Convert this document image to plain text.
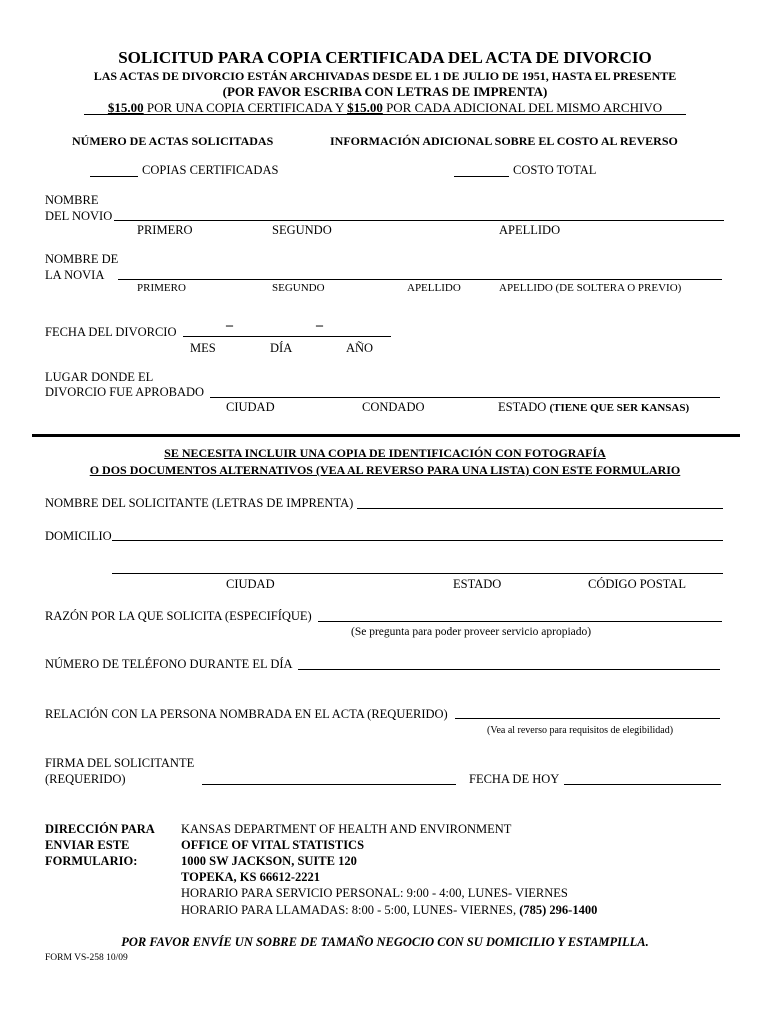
SOLICITUD PARA COPIA CERTIFICADA DEL ACTA DE DIVORCIO
LAS ACTAS DE DIVORCIO ESTÁN ARCHIVADAS DESDE EL 1 DE JULIO DE 1951, HASTA EL PRESENTE
(POR FAVOR ESCRIBA CON LETRAS DE IMPRENTA)
$15.00 POR UNA COPIA CERTIFICADA Y $15.00 POR CADA ADICIONAL DEL MISMO ARCHIVO
NÚMERO DE ACTAS SOLICITADAS	INFORMACIÓN ADICIONAL SOBRE EL COSTO AL REVERSO
COPIAS CERTIFICADAS	COSTO TOTAL
NOMBRE
DEL NOVIO
PRIMERO	SEGUNDO	APELLIDO
NOMBRE DE
LA NOVIA
PRIMERO	SEGUNDO	APELLIDO	APELLIDO (DE SOLTERA O PREVIO)
FECHA DEL DIVORCIO	–	–
MES	DÍA	AÑO
LUGAR DONDE EL
DIVORCIO FUE APROBADO
CIUDAD	CONDADO	ESTADO (TIENE QUE SER KANSAS)
SE NECESITA INCLUIR UNA COPIA DE IDENTIFICACIÓN CON FOTOGRAFÍA
O DOS DOCUMENTOS ALTERNATIVOS (VEA AL REVERSO PARA UNA LISTA) CON ESTE FORMULARIO
NOMBRE DEL SOLICITANTE (LETRAS DE IMPRENTA)
DOMICILIO
CIUDAD	ESTADO	CÓDIGO POSTAL
RAZÓN POR LA QUE SOLICITA (ESPECIFÍQUE)
(Se pregunta para poder proveer servicio apropiado)
NÚMERO DE TELÉFONO DURANTE EL DÍA
RELACIÓN CON LA PERSONA NOMBRADA EN EL ACTA (REQUERIDO)
(Vea al reverso para requisitos de elegibilidad)
FIRMA DEL SOLICITANTE
(REQUERIDO)	FECHA DE HOY
DIRECCIÓN PARA
ENVIAR ESTE
FORMULARIO:
KANSAS DEPARTMENT OF HEALTH AND ENVIRONMENT
OFFICE OF VITAL STATISTICS
1000 SW JACKSON, SUITE 120
TOPEKA, KS 66612-2221
HORARIO PARA SERVICIO PERSONAL: 9:00 - 4:00, LUNES- VIERNES
HORARIO PARA LLAMADAS: 8:00 - 5:00, LUNES- VIERNES, (785) 296-1400
POR FAVOR ENVÍE UN SOBRE DE TAMAÑO NEGOCIO CON SU DOMICILIO Y ESTAMPILLA.
FORM VS-258 10/09
